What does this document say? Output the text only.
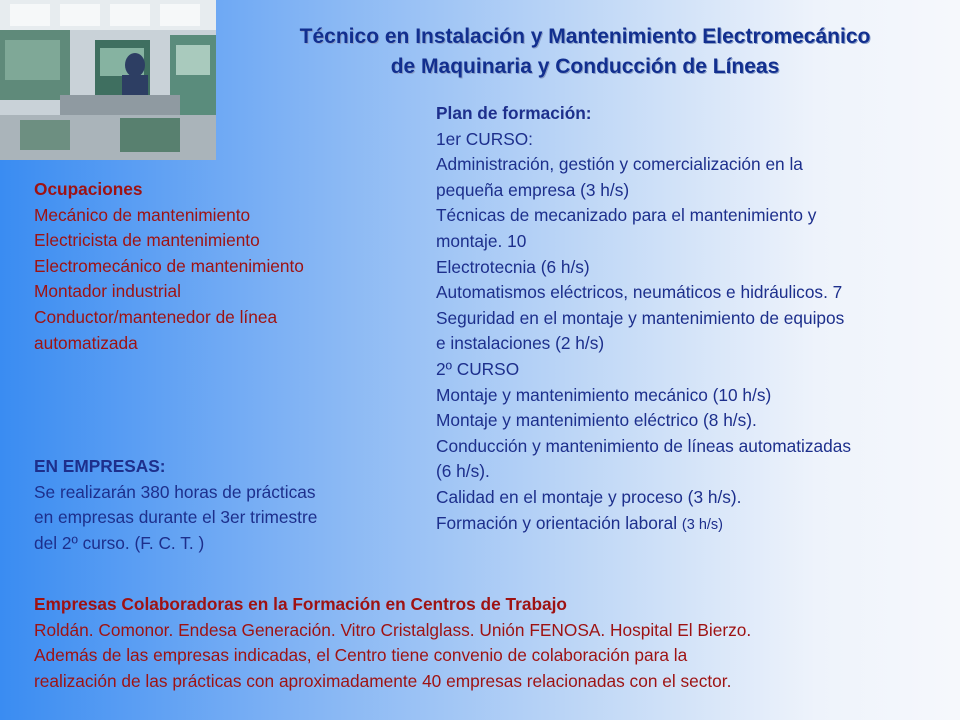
Técnico en Instalación y Mantenimiento Electromecánico
de Maquinaria y Conducción de Líneas
Ocupaciones
Mecánico de mantenimiento
Electricista de mantenimiento
Electromecánico de mantenimiento
Montador industrial
Conductor/mantenedor de línea
automatizada
Plan de formación:
1er CURSO:
Administración, gestión y comercialización en la
pequeña empresa (3 h/s)
Técnicas de mecanizado para el mantenimiento y
montaje. 10
Electrotecnia (6 h/s)
Automatismos eléctricos, neumáticos e hidráulicos. 7
Seguridad en el montaje y mantenimiento de equipos
e instalaciones (2 h/s)
2º CURSO
Montaje y mantenimiento mecánico (10 h/s)
Montaje y mantenimiento eléctrico (8 h/s).
Conducción y mantenimiento de líneas automatizadas
(6 h/s).
Calidad en el montaje y proceso (3 h/s).
Formación y orientación laboral (3 h/s)
EN EMPRESAS:
Se realizarán 380 horas de prácticas
en empresas durante el 3er trimestre
del 2º curso. (F. C. T. )
Empresas Colaboradoras en la Formación en Centros de Trabajo
Roldán. Comonor. Endesa Generación. Vitro Cristalglass. Unión FENOSA. Hospital El Bierzo.
Además de las empresas indicadas, el Centro tiene convenio de colaboración para la
realización de las prácticas con aproximadamente 40 empresas relacionadas con el sector.
